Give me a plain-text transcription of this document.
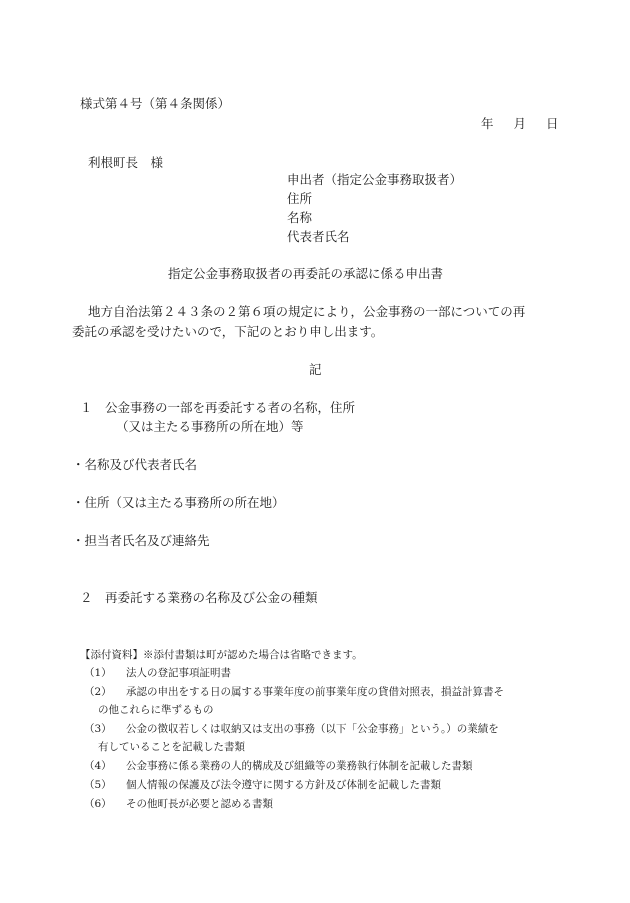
様式第４号（第４条関係）
年 月 日
利根町長　様
申出者（指定公金事務取扱者）
住所
名称
代表者氏名
指定公金事務取扱者の再委託の承認に係る申出書
地方自治法第２４３条の２第６項の規定により，公金事務の一部についての再
委託の承認を受けたいので，下記のとおり申し出ます。
記
１　公金事務の一部を再委託する者の名称，住所
（又は主たる事務所の所在地）等
・名称及び代表者氏名
・住所（又は主たる事務所の所在地）
・担当者氏名及び連絡先
２　再委託する業務の名称及び公金の種類
【添付資料】※添付書類は町が認めた場合は省略できます。
（1） 法人の登記事項証明書
（2） 承認の申出をする日の属する事業年度の前事業年度の貸借対照表，損益計算書そ
の他これらに準ずるもの
（3） 公金の徴収若しくは収納又は支出の事務（以下「公金事務」という。）の業績を
有していることを記載した書類
（4） 公金事務に係る業務の人的構成及び組織等の業務執行体制を記載した書類
（5） 個人情報の保護及び法令遵守に関する方針及び体制を記載した書類
（6） その他町長が必要と認める書類
